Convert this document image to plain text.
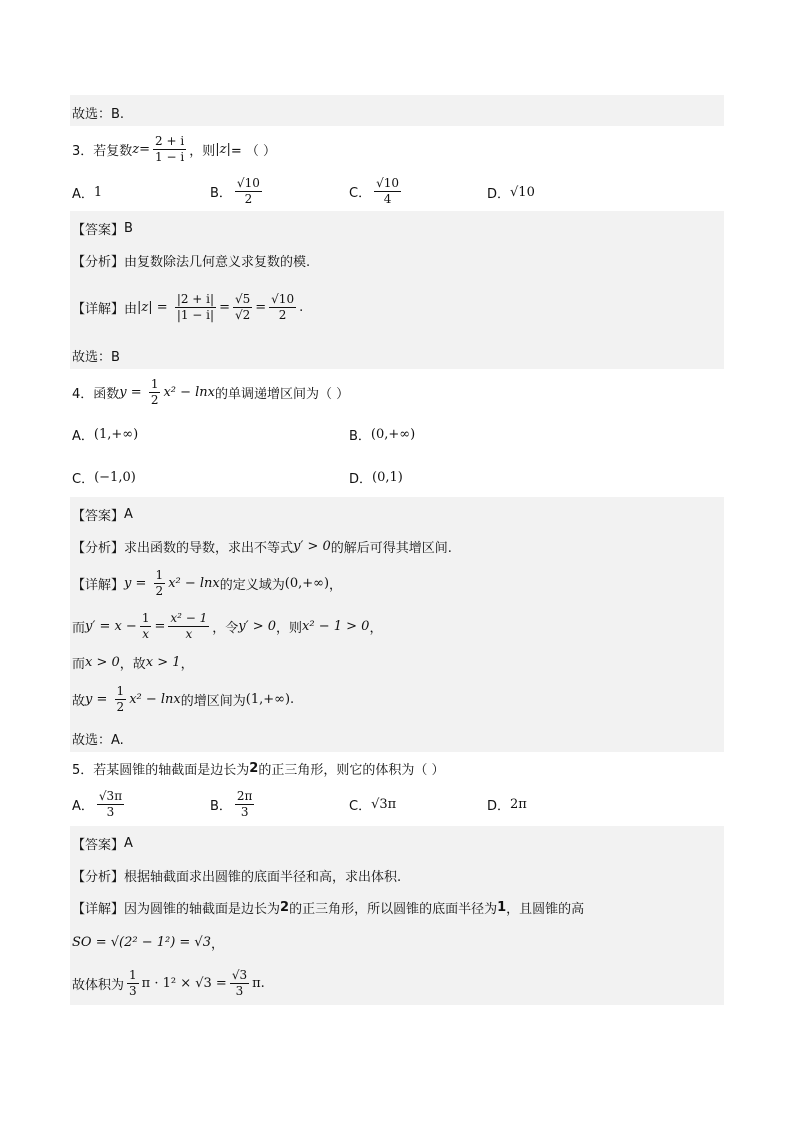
故选：B.
3．若复数 $z = \frac{2 + i}{1 - i}$ ，则 |z| = （ ）
A． 1	B． $\frac{√10}{2}$	C． $\frac{√10}{4}$	D． √10
【答案】 B
【分析】 由复数除法几何意义求复数的模.
【详解】 由 $|z| = \frac{|2 + i|}{|1 - i|} = \frac{√5}{√2} = \frac{√10}{2}$ .
故选：B
4．函数 $y = \frac{1}{2} x^2 - \ln x$ 的单调递增区间为（ ）
A． (1,+∞)	B． (0,+∞)
C． (−1,0)	D． (0,1)
【答案】 A
【分析】 求出函数的导数，求出不等式 y′ > 0 的解后可得其增区间.
【详解】 $y = \frac{1}{2} x^2 - \ln x$ 的定义域为 (0,+∞) ，
而 $y' = x - \frac{1}{x} = \frac{\text{x² − 1}}{x}$ ，令 y′ > 0 ，则 x² − 1 > 0 ，
而 x > 0 ，故 x > 1 ，
故 $y = \frac{1}{2} x^2 - \ln x$ 的增区间为 (1,+∞) .
故选：A.
5．若某圆锥的轴截面是边长为 2 的正三角形，则它的体积为（ ）
A． $\frac{√3\pi}{3}$	B． $\frac{2\pi}{3}$	C． √3π	D． 2π
【答案】 A
【分析】 根据轴截面求出圆锥的底面半径和高，求出体积.
【详解】 因为圆锥的轴截面是边长为 2 的正三角形，所以圆锥的底面半径为 1 ，且圆锥的高
SO = √(2² − 1²) = √3 ，
故体积为 $\frac{1}{3}$ $\pi \cdot 1^2 \times √3 = \frac{√3}{3} \pi$.
